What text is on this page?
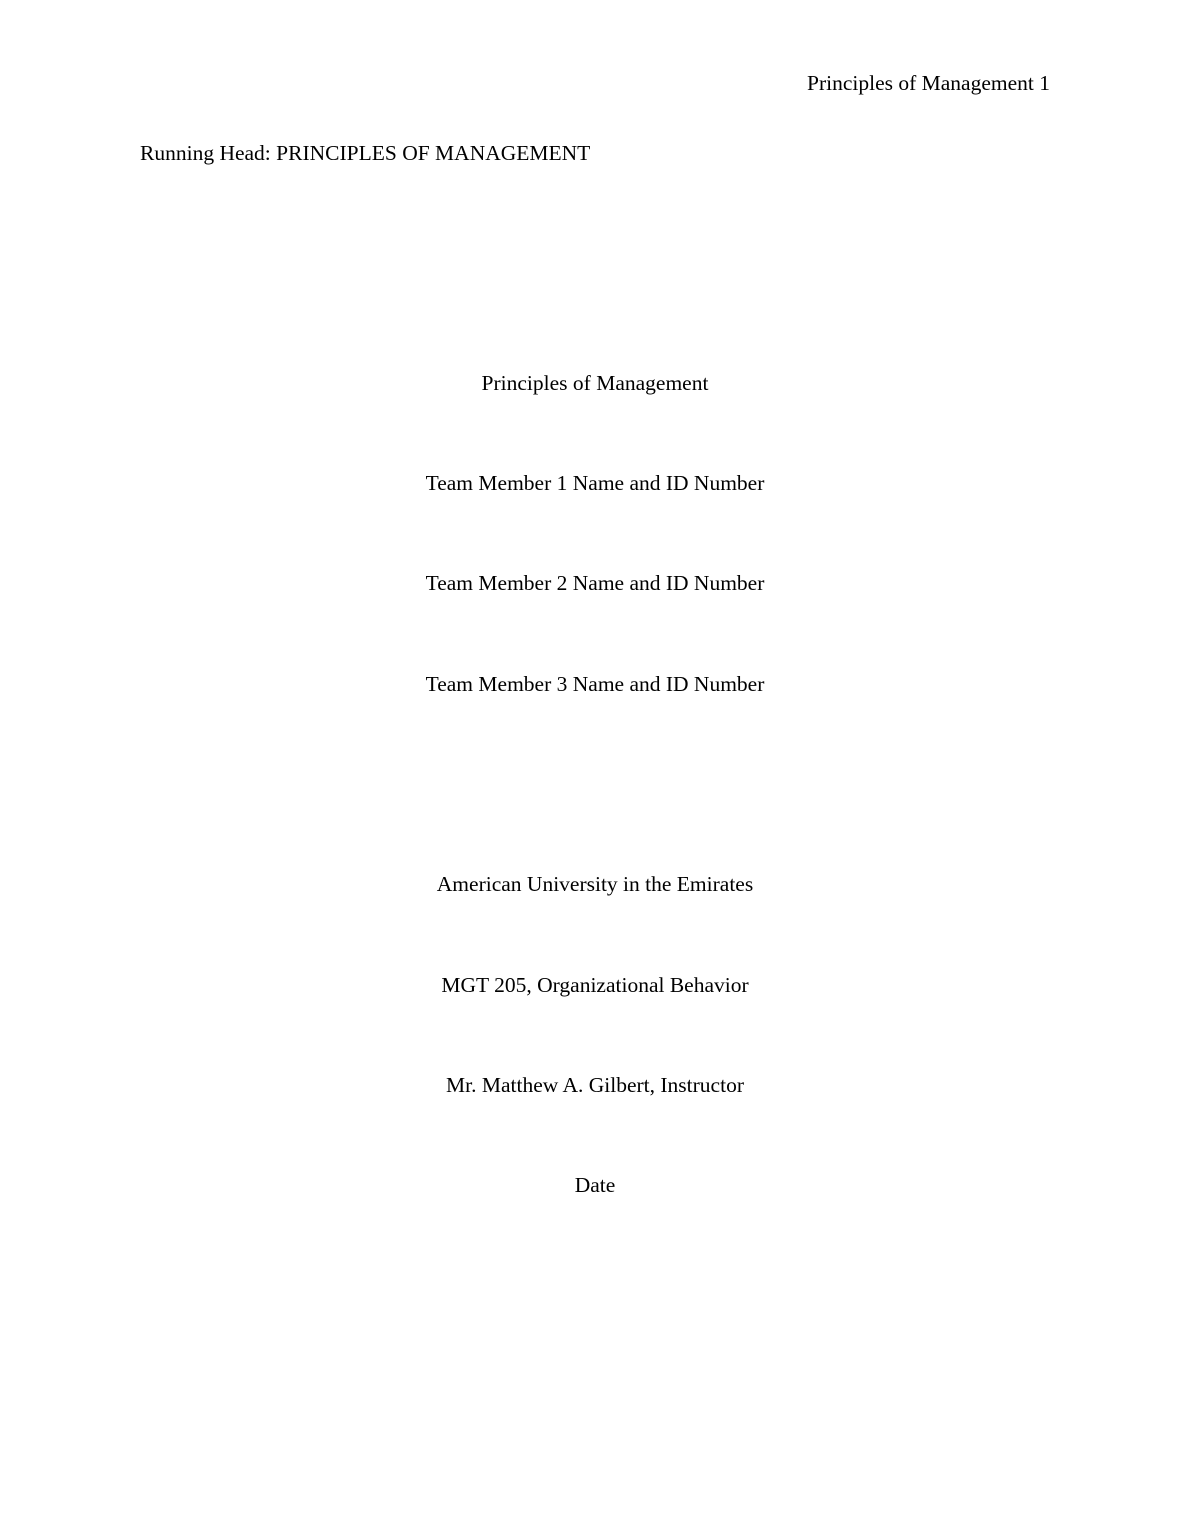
Principles of Management 1
Running Head: PRINCIPLES OF MANAGEMENT
Principles of Management
Team Member 1 Name and ID Number
Team Member 2 Name and ID Number
Team Member 3 Name and ID Number
American University in the Emirates
MGT 205, Organizational Behavior
Mr. Matthew A. Gilbert, Instructor
Date
